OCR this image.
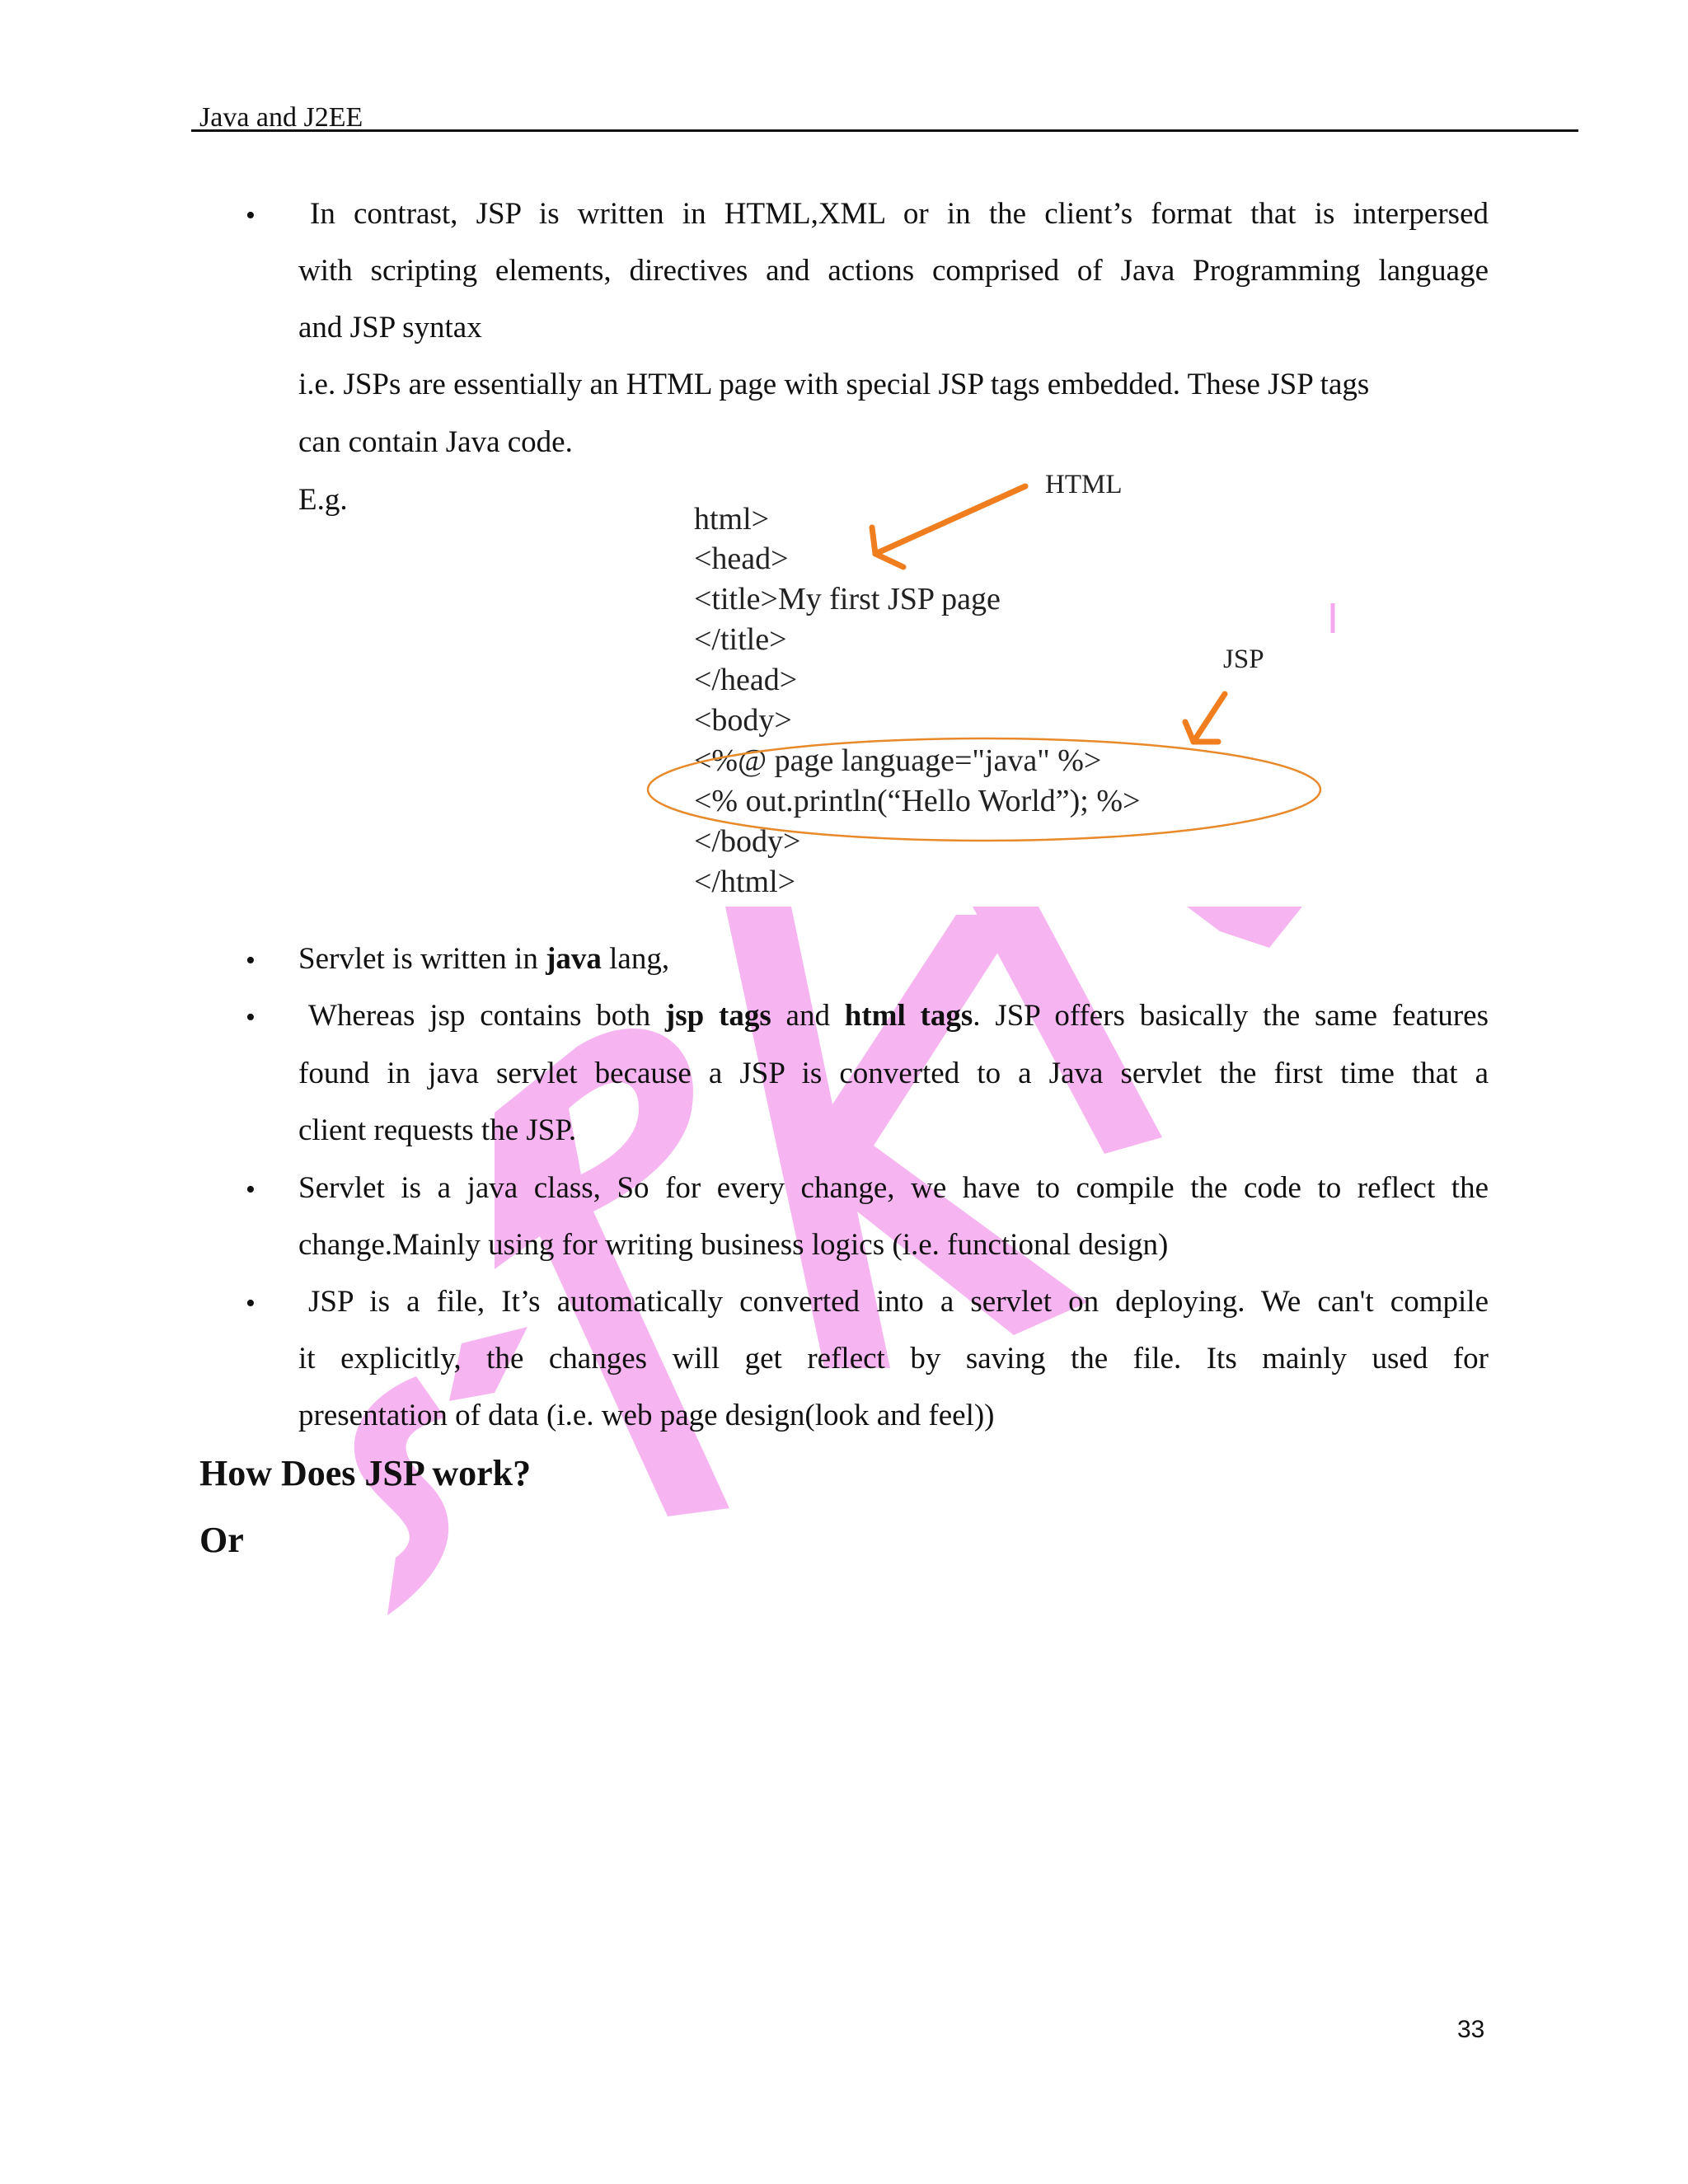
Java and J2EE
• In contrast, JSP is written in HTML,XML or in the client’s format that is interpersed
with scripting elements, directives and actions comprised of Java Programming language
and JSP syntax
i.e. JSPs are essentially an HTML page with special JSP tags embedded. These JSP tags
can contain Java code.
E.g.
html>
<head>
<title>My first JSP page
</title>
</head>
<body>
<%@ page language="java" %>
<% out.println(“Hello World”); %>
</body>
</html>
HTML
JSP
• Servlet is written in java lang,
• Whereas jsp contains both jsp tags and html tags. JSP offers basically the same features
found in java servlet because a JSP is converted to a Java servlet the first time that a
client requests the JSP.
• Servlet is a java class, So for every change, we have to compile the code to reflect the
change.Mainly using for writing business logics (i.e. functional design)
• JSP is a file, It’s automatically converted into a servlet on deploying. We can't compile
it explicitly, the changes will get reflect by saving the file. Its mainly used for
presentation of data (i.e. web page design(look and feel))
How Does JSP work?
Or
33
